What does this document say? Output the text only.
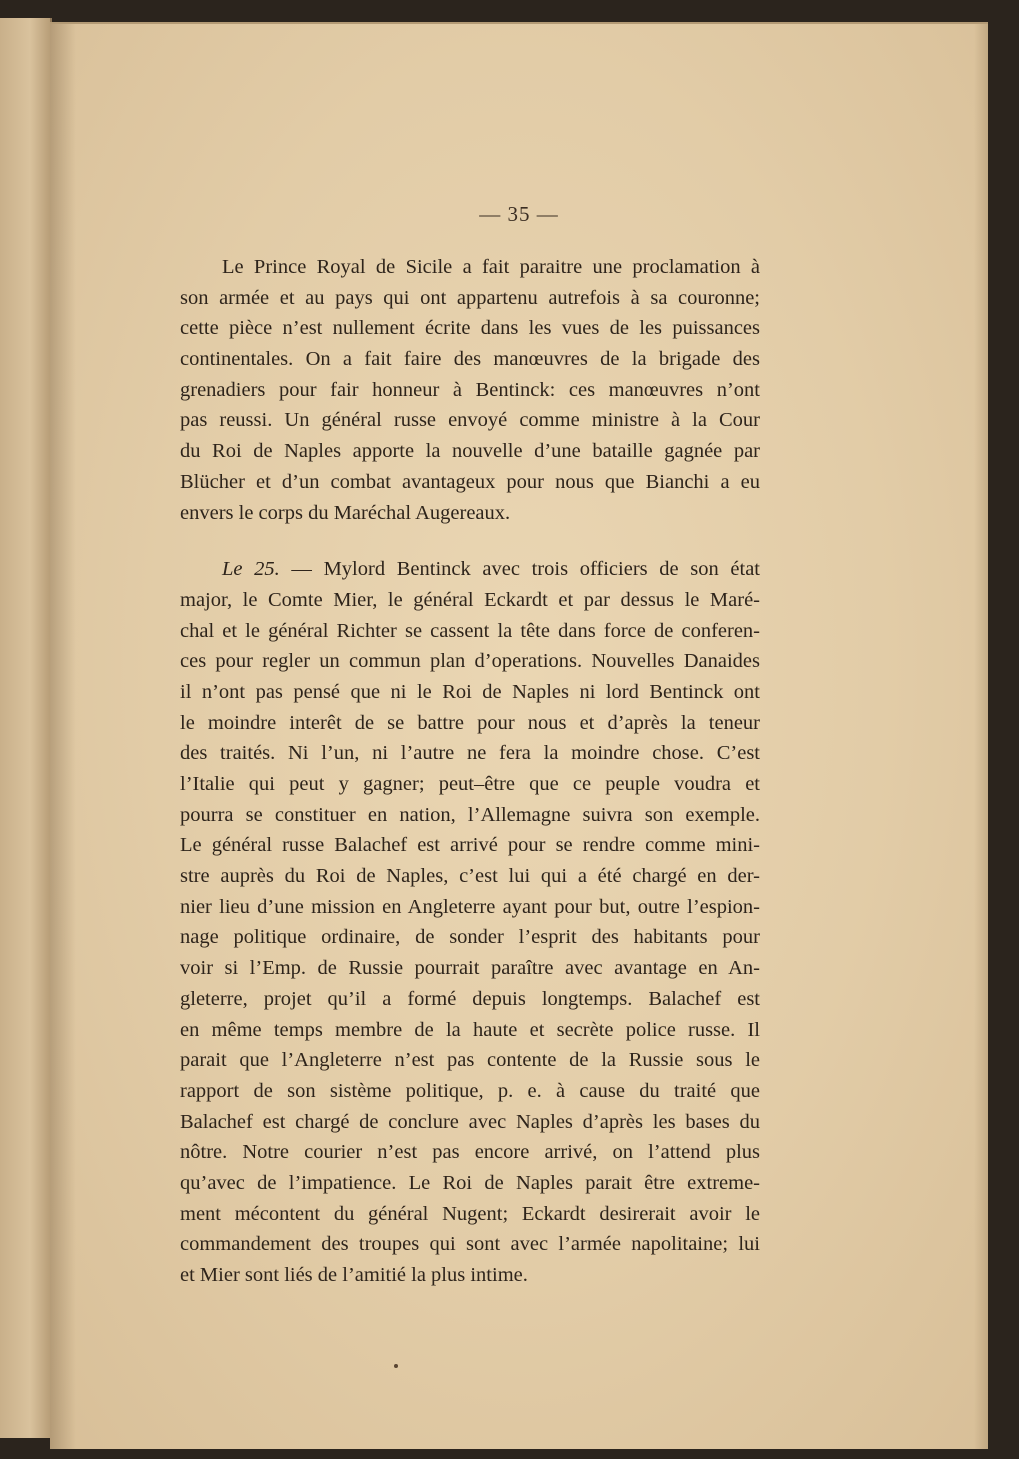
— 35 —
Le Prince Royal de Sicile a fait paraitre une proclamation à
son armée et au pays qui ont appartenu autrefois à sa couronne;
cette pièce n’est nullement écrite dans les vues de les puissances
continentales. On a fait faire des manœuvres de la brigade des
grenadiers pour fair honneur à Bentinck: ces manœuvres n’ont
pas reussi. Un général russe envoyé comme ministre à la Cour
du Roi de Naples apporte la nouvelle d’une bataille gagnée par
Blücher et d’un combat avantageux pour nous que Bianchi a eu
envers le corps du Maréchal Augereaux.
Le 25. — Mylord Bentinck avec trois officiers de son état
major, le Comte Mier, le général Eckardt et par dessus le Maré-
chal et le général Richter se cassent la tête dans force de conferen-
ces pour regler un commun plan d’operations. Nouvelles Danaides
il n’ont pas pensé que ni le Roi de Naples ni lord Bentinck ont
le moindre interêt de se battre pour nous et d’après la teneur
des traités. Ni l’un, ni l’autre ne fera la moindre chose. C’est
l’Italie qui peut y gagner; peut–être que ce peuple voudra et
pourra se constituer en nation, l’Allemagne suivra son exemple.
Le général russe Balachef est arrivé pour se rendre comme mini-
stre auprès du Roi de Naples, c’est lui qui a été chargé en der-
nier lieu d’une mission en Angleterre ayant pour but, outre l’espion-
nage politique ordinaire, de sonder l’esprit des habitants pour
voir si l’Emp. de Russie pourrait paraître avec avantage en An-
gleterre, projet qu’il a formé depuis longtemps. Balachef est
en même temps membre de la haute et secrète police russe. Il
parait que l’Angleterre n’est pas contente de la Russie sous le
rapport de son sistème politique, p. e. à cause du traité que
Balachef est chargé de conclure avec Naples d’après les bases du
nôtre. Notre courier n’est pas encore arrivé, on l’attend plus
qu’avec de l’impatience. Le Roi de Naples parait être extreme-
ment mécontent du général Nugent; Eckardt desirerait avoir le
commandement des troupes qui sont avec l’armée napolitaine; lui
et Mier sont liés de l’amitié la plus intime.
